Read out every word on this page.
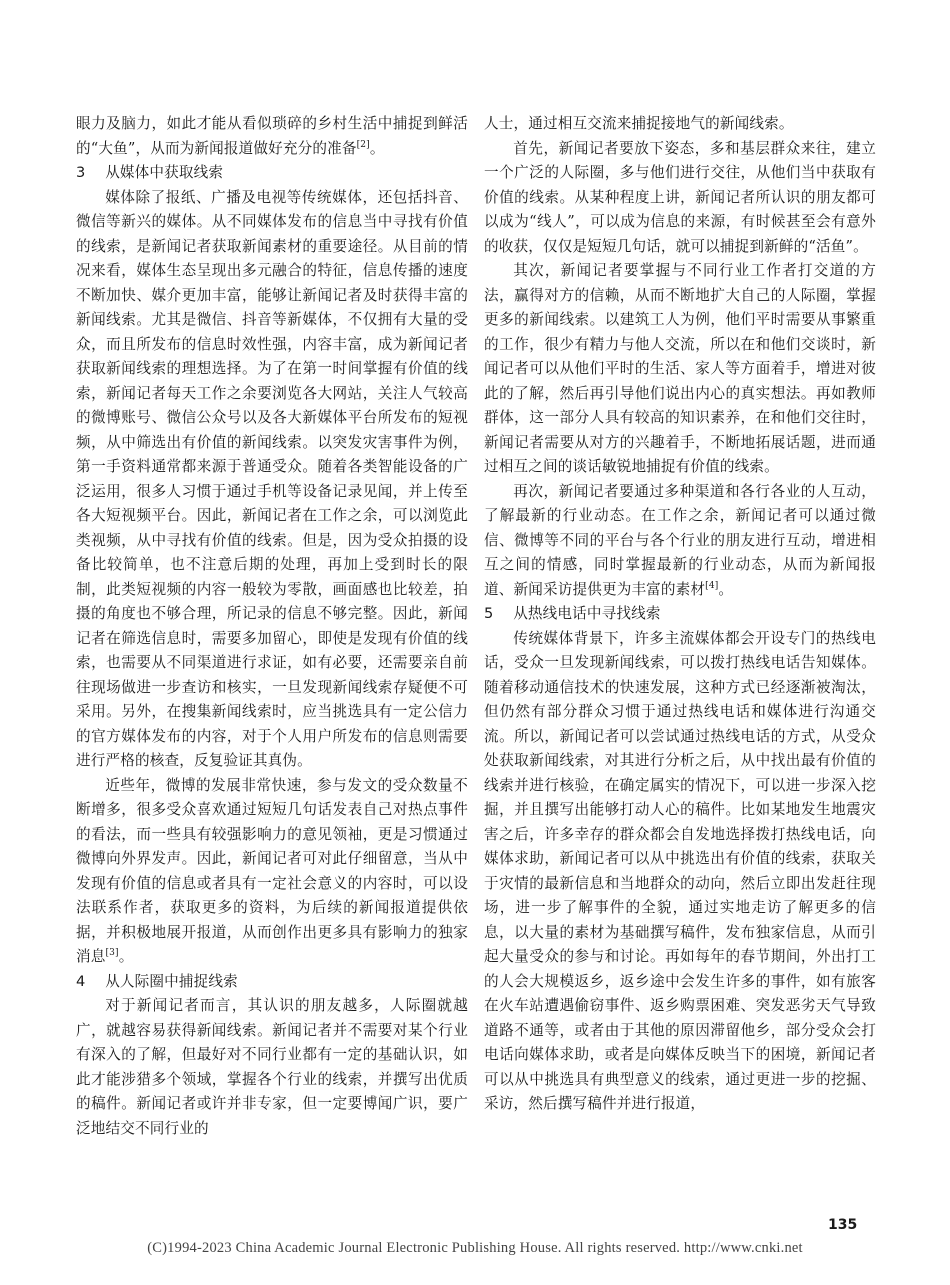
眼力及脑力，如此才能从看似琐碎的乡村生活中捕捉到鲜活的“大鱼”，从而为新闻报道做好充分的准备[2]。

3 从媒体中获取线索

媒体除了报纸、广播及电视等传统媒体，还包括抖音、微信等新兴的媒体。从不同媒体发布的信息当中寻找有价值的线索，是新闻记者获取新闻素材的重要途径。从目前的情况来看，媒体生态呈现出多元融合的特征，信息传播的速度不断加快、媒介更加丰富，能够让新闻记者及时获得丰富的新闻线索。尤其是微信、抖音等新媒体，不仅拥有大量的受众，而且所发布的信息时效性强，内容丰富，成为新闻记者获取新闻线索的理想选择。为了在第一时间掌握有价值的线索，新闻记者每天工作之余要浏览各大网站，关注人气较高的微博账号、微信公众号以及各大新媒体平台所发布的短视频，从中筛选出有价值的新闻线索。以突发灾害事件为例，第一手资料通常都来源于普通受众。随着各类智能设备的广泛运用，很多人习惯于通过手机等设备记录见闻，并上传至各大短视频平台。因此，新闻记者在工作之余，可以浏览此类视频，从中寻找有价值的线索。但是，因为受众拍摄的设备比较简单，也不注意后期的处理，再加上受到时长的限制，此类短视频的内容一般较为零散，画面感也比较差，拍摄的角度也不够合理，所记录的信息不够完整。因此，新闻记者在筛选信息时，需要多加留心，即使是发现有价值的线索，也需要从不同渠道进行求证，如有必要，还需要亲自前往现场做进一步查访和核实，一旦发现新闻线索存疑便不可采用。另外，在搜集新闻线索时，应当挑选具有一定公信力的官方媒体发布的内容，对于个人用户所发布的信息则需要进行严格的核查，反复验证其真伪。

近些年，微博的发展非常快速，参与发文的受众数量不断增多，很多受众喜欢通过短短几句话发表自己对热点事件的看法，而一些具有较强影响力的意见领袖，更是习惯通过微博向外界发声。因此，新闻记者可对此仔细留意，当从中发现有价值的信息或者具有一定社会意义的内容时，可以设法联系作者，获取更多的资料，为后续的新闻报道提供依据，并积极地展开报道，从而创作出更多具有影响力的独家消息[3]。

4 从人际圈中捕捉线索

对于新闻记者而言，其认识的朋友越多，人际圈就越广，就越容易获得新闻线索。新闻记者并不需要对某个行业有深入的了解，但最好对不同行业都有一定的基础认识，如此才能涉猎多个领域，掌握各个行业的线索，并撰写出优质的稿件。新闻记者或许并非专家，但一定要博闻广识，要广泛地结交不同行业的

人士，通过相互交流来捕捉接地气的新闻线索。

首先，新闻记者要放下姿态，多和基层群众来往，建立一个广泛的人际圈，多与他们进行交往，从他们当中获取有价值的线索。从某种程度上讲，新闻记者所认识的朋友都可以成为“线人”，可以成为信息的来源，有时候甚至会有意外的收获，仅仅是短短几句话，就可以捕捉到新鲜的“活鱼”。

其次，新闻记者要掌握与不同行业工作者打交道的方法，赢得对方的信赖，从而不断地扩大自己的人际圈，掌握更多的新闻线索。以建筑工人为例，他们平时需要从事繁重的工作，很少有精力与他人交流，所以在和他们交谈时，新闻记者可以从他们平时的生活、家人等方面着手，增进对彼此的了解，然后再引导他们说出内心的真实想法。再如教师群体，这一部分人具有较高的知识素养，在和他们交往时，新闻记者需要从对方的兴趣着手，不断地拓展话题，进而通过相互之间的谈话敏锐地捕捉有价值的线索。

再次，新闻记者要通过多种渠道和各行各业的人互动，了解最新的行业动态。在工作之余，新闻记者可以通过微信、微博等不同的平台与各个行业的朋友进行互动，增进相互之间的情感，同时掌握最新的行业动态，从而为新闻报道、新闻采访提供更为丰富的素材[4]。

5 从热线电话中寻找线索

传统媒体背景下，许多主流媒体都会开设专门的热线电话，受众一旦发现新闻线索，可以拨打热线电话告知媒体。随着移动通信技术的快速发展，这种方式已经逐渐被淘汰，但仍然有部分群众习惯于通过热线电话和媒体进行沟通交流。所以，新闻记者可以尝试通过热线电话的方式，从受众处获取新闻线索，对其进行分析之后，从中找出最有价值的线索并进行核验，在确定属实的情况下，可以进一步深入挖掘，并且撰写出能够打动人心的稿件。比如某地发生地震灾害之后，许多幸存的群众都会自发地选择拨打热线电话，向媒体求助，新闻记者可以从中挑选出有价值的线索，获取关于灾情的最新信息和当地群众的动向，然后立即出发赶往现场，进一步了解事件的全貌，通过实地走访了解更多的信息，以大量的素材为基础撰写稿件，发布独家信息，从而引起大量受众的参与和讨论。再如每年的春节期间，外出打工的人会大规模返乡，返乡途中会发生许多的事件，如有旅客在火车站遭遇偷窃事件、返乡购票困难、突发恶劣天气导致道路不通等，或者由于其他的原因滞留他乡，部分受众会打电话向媒体求助，或者是向媒体反映当下的困境，新闻记者可以从中挑选具有典型意义的线索，通过更进一步的挖掘、采访，然后撰写稿件并进行报道，

135
(C)1994-2023 China Academic Journal Electronic Publishing House. All rights reserved. http://www.cnki.net
